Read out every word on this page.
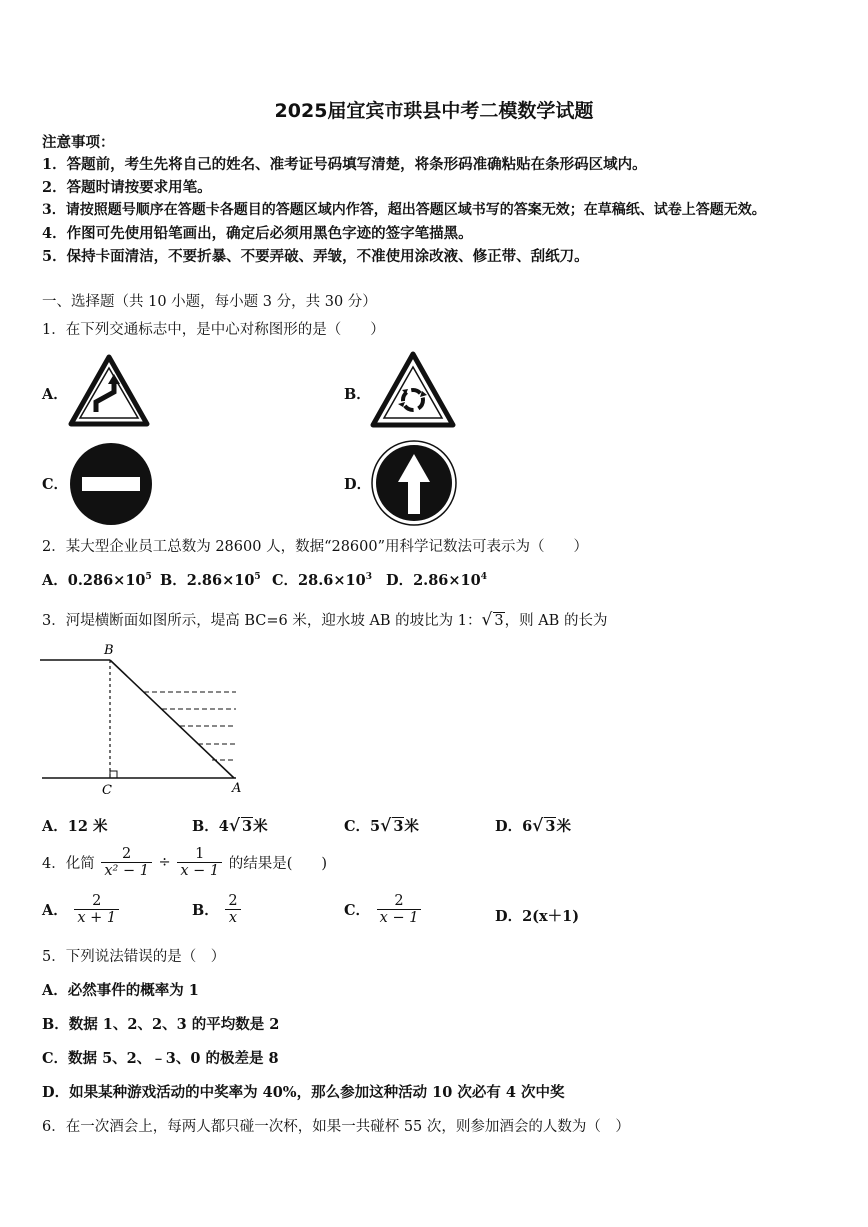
2025届宜宾市珙县中考二模数学试题
注意事项：
1．答题前，考生先将自己的姓名、准考证号码填写清楚，将条形码准确粘贴在条形码区域内。
2．答题时请按要求用笔。
3．请按照题号顺序在答题卡各题目的答题区域内作答，超出答题区域书写的答案无效；在草稿纸、试卷上答题无效。
4．作图可先使用铅笔画出，确定后必须用黑色字迹的签字笔描黑。
5．保持卡面清洁，不要折暴、不要弄破、弄皱，不准使用涂改液、修正带、刮纸刀。
一、选择题（共 10 小题，每小题 3 分，共 30 分）
1．在下列交通标志中，是中心对称图形的是（　　）
A．	B．
C．	D．
2．某大型企业员工总数为 28600 人，数据“28600”用科学记数法可表示为（　　）
A．$0.286\times 10^5$ B．$2.86\times 10^5$ C．$28.6\times 10^3$ D．$2.86\times 10^4$
3．河堤横断面如图所示，堤高 BC=6 米，迎水坡 AB 的坡比为 1：√ 3，则 AB 的长为
B
C	A
A．12 米	B．4√ 3米	C．5√ 3米	D．6√ 3米
4．化简 $\frac{2}{\text{x² − 1}} \div \frac{1}{x - 1}$ 的结果是(　　)
A． $\frac{2}{x + 1}$	B． $\frac{2}{x}$	C． $\frac{2}{x - 1}$	D．2(x＋1)
5．下列说法错误的是（　）
A．必然事件的概率为 1
B．数据 1、2、2、3 的平均数是 2
C．数据 5、2、﹣3、0 的极差是 8
D．如果某种游戏活动的中奖率为 40%，那么参加这种活动 10 次必有 4 次中奖
6．在一次酒会上，每两人都只碰一次杯，如果一共碰杯 55 次，则参加酒会的人数为（　）
